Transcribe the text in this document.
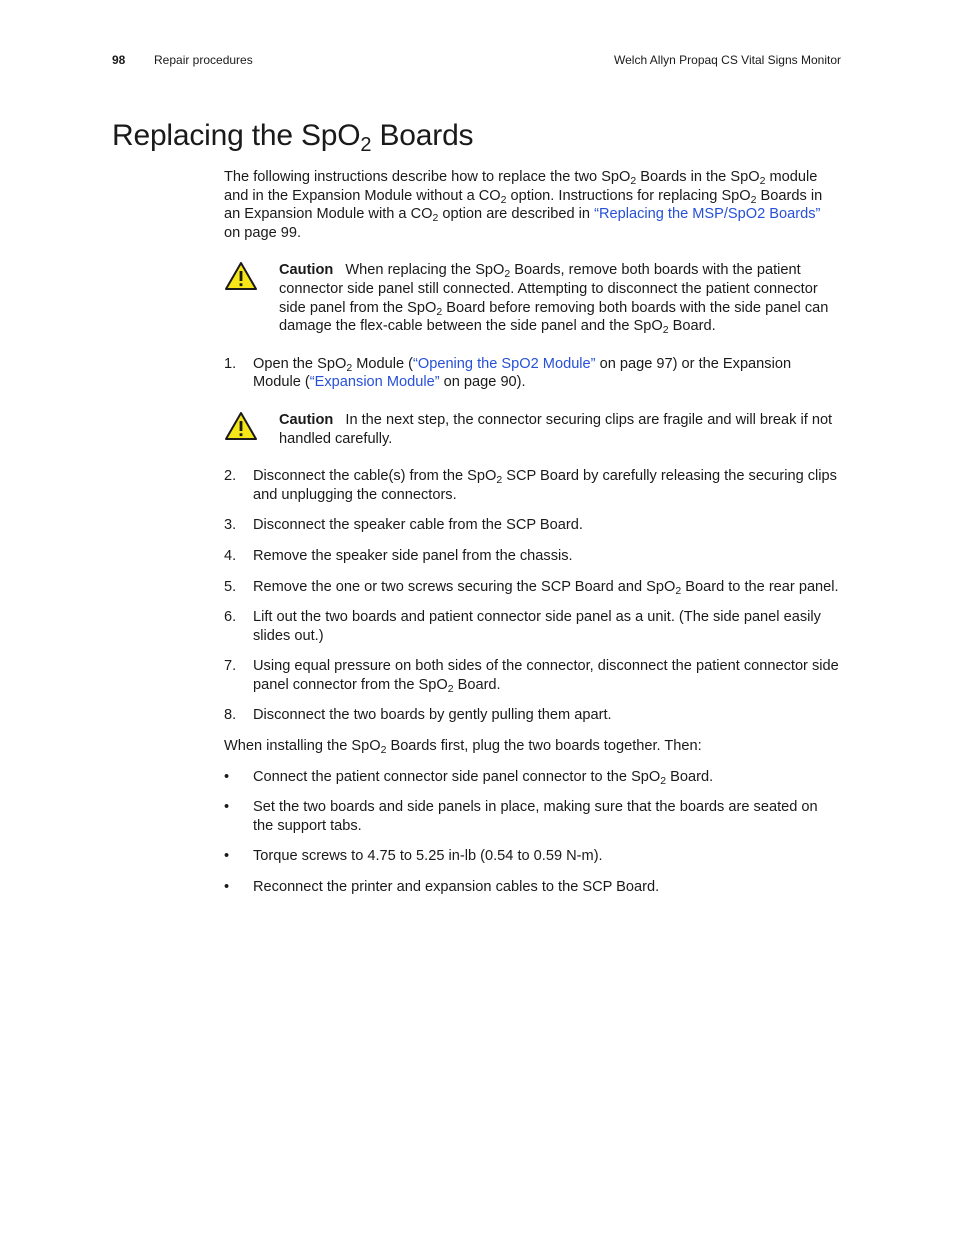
98 Repair procedures	Welch Allyn Propaq CS Vital Signs Monitor
Replacing the SpO$_2$ Boards

The following instructions describe how to replace the two SpO$_2$ Boards in the SpO$_2$ module and in the Expansion Module without a $CO_2$ option. Instructions for replacing SpO$_2$ Boards in an Expansion Module with a $CO_2$ option are described in “Replacing the MSP/SpO2 Boards” on page 99.

Caution When replacing the SpO$_2$ Boards, remove both boards with the patient connector side panel still connected. Attempting to disconnect the patient connector side panel from the SpO$_2$ Board before removing both boards with the side panel can damage the flex-cable between the side panel and the SpO$_2$ Board.

1. Open the SpO$_2$ Module (“Opening the SpO2 Module” on page 97) or the Expansion Module (“Expansion Module” on page 90).

Caution In the next step, the connector securing clips are fragile and will break if not handled carefully.

2. Disconnect the cable(s) from the SpO$_2$ SCP Board by carefully releasing the securing clips and unplugging the connectors.

3. Disconnect the speaker cable from the SCP Board.

4. Remove the speaker side panel from the chassis.

5. Remove the one or two screws securing the SCP Board and SpO$_2$ Board to the rear panel.

6. Lift out the two boards and patient connector side panel as a unit. (The side panel easily slides out.)

7. Using equal pressure on both sides of the connector, disconnect the patient connector side panel connector from the SpO$_2$ Board.

8. Disconnect the two boards by gently pulling them apart.

When installing the SpO$_2$ Boards first, plug the two boards together. Then:

• Connect the patient connector side panel connector to the SpO$_2$ Board.

• Set the two boards and side panels in place, making sure that the boards are seated on the support tabs.

• Torque screws to 4.75 to 5.25 in-lb (0.54 to 0.59 N-m).

• Reconnect the printer and expansion cables to the SCP Board.
